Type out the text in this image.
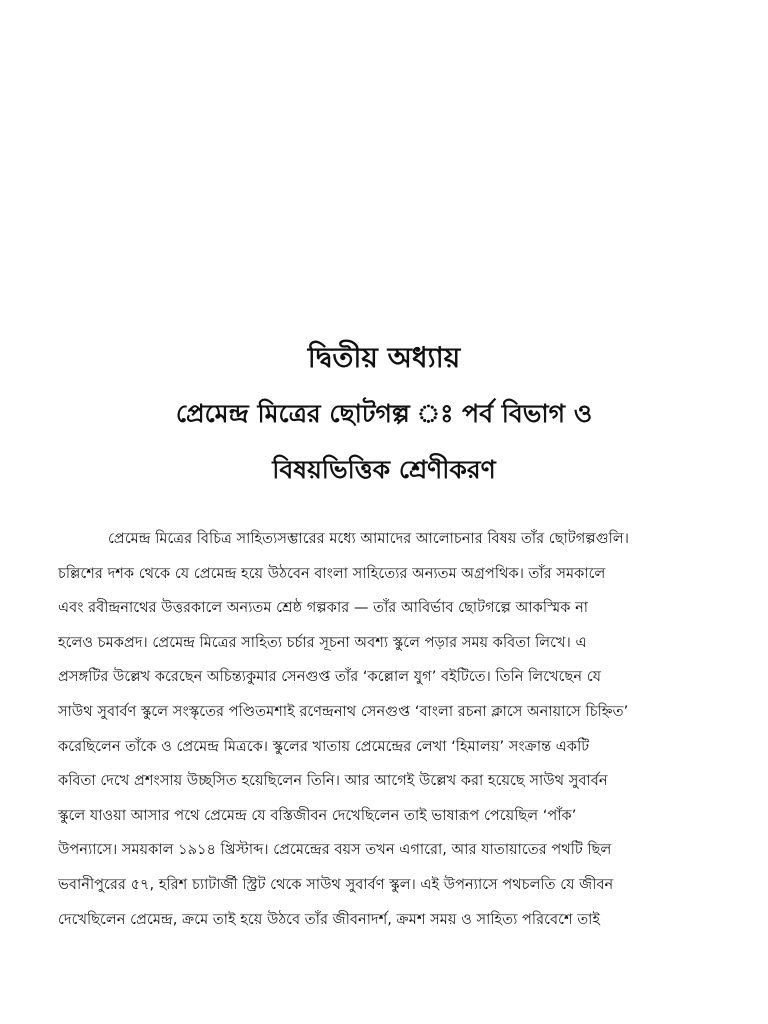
দ্বিতীয় অধ্যায়

প্রেমেন্দ্র মিত্রের ছোটগল্প ঃ পর্ব বিভাগ ও

বিষয়ভিত্তিক শ্রেণীকরণ

প্রেমেন্দ্র মিত্রের বিচিত্র সাহিত্যসম্ভারের মধ্যে আমাদের আলোচনার বিষয় তাঁর ছোটগল্পগুলি।
চল্লিশের দশক থেকে যে প্রেমেন্দ্র হয়ে উঠবেন বাংলা সাহিত্যের অন্যতম অগ্রপথিক। তাঁর সমকালে
এবং রবীন্দ্রনাথের উত্তরকালে অন্যতম শ্রেষ্ঠ গল্পকার — তাঁর আবির্ভাব ছোটগল্পে আকস্মিক না
হলেও চমকপ্রদ। প্রেমেন্দ্র মিত্রের সাহিত্য চর্চার সূচনা অবশ্য স্কুলে পড়ার সময় কবিতা লিখে। এ
প্রসঙ্গটির উল্লেখ করেছেন অচিন্ত্যকুমার সেনগুপ্ত তাঁর ‘কল্লোল যুগ’ বইটিতে। তিনি লিখেছেন যে
সাউথ সুবার্বণ স্কুলে সংস্কৃতের পণ্ডিতমশাই রণেন্দ্রনাথ সেনগুপ্ত ‘বাংলা রচনা ক্লাসে অনায়াসে চিহ্নিত’
করেছিলেন তাঁকে ও প্রেমেন্দ্র মিত্রকে। স্কুলের খাতায় প্রেমেন্দ্রের লেখা ‘হিমালয়’ সংক্রান্ত একটি
কবিতা দেখে প্রশংসায় উচ্ছসিত হয়েছিলেন তিনি। আর আগেই উল্লেখ করা হয়েছে সাউথ সুবার্বন
স্কুলে যাওয়া আসার পথে প্রেমেন্দ্র যে বস্তিজীবন দেখেছিলেন তাই ভাষারূপ পেয়েছিল ‘পাঁক’
উপন্যাসে। সময়কাল ১৯১৪ খ্রিস্টাব্দ। প্রেমেন্দ্রের বয়স তখন এগারো, আর যাতায়াতের পথটি ছিল
ভবানীপুরের ৫৭, হরিশ চ্যাটার্জী স্ট্রিট থেকে সাউথ সুবার্বণ স্কুল। এই উপন্যাসে পথচলতি যে জীবন
দেখেছিলেন প্রেমেন্দ্র, ক্রমে তাই হয়ে উঠবে তাঁর জীবনাদর্শ, ক্রমশ সময় ও সাহিত্য পরিবেশে তাই
